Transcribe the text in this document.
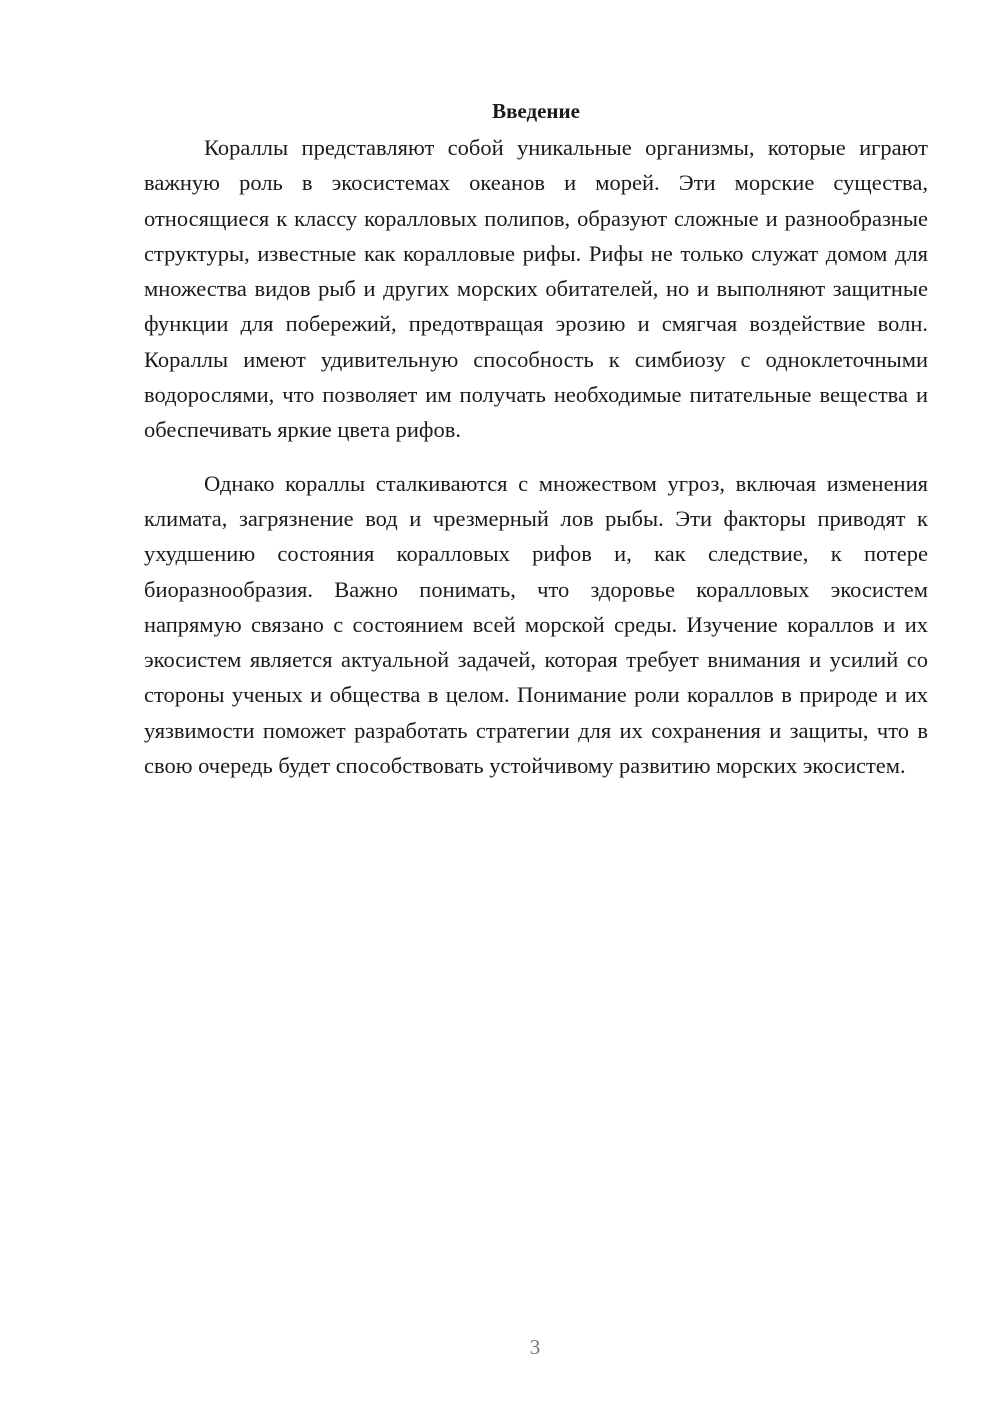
Введение

Кораллы представляют собой уникальные организмы, которые играют важную роль в экосистемах океанов и морей. Эти морские существа, относящиеся к классу коралловых полипов, образуют сложные и разнообразные структуры, известные как коралловые рифы. Рифы не только служат домом для множества видов рыб и других морских обитателей, но и выполняют защитные функции для побережий, предотвращая эрозию и смягчая воздействие волн. Кораллы имеют удивительную способность к симбиозу с одноклеточными водорослями, что позволяет им получать необходимые питательные вещества и обеспечивать яркие цвета рифов.

Однако кораллы сталкиваются с множеством угроз, включая изменения климата, загрязнение вод и чрезмерный лов рыбы. Эти факторы приводят к ухудшению состояния коралловых рифов и, как следствие, к потере биоразнообразия. Важно понимать, что здоровье коралловых экосистем напрямую связано с состоянием всей морской среды. Изучение кораллов и их экосистем является актуальной задачей, которая требует внимания и усилий со стороны ученых и общества в целом. Понимание роли кораллов в природе и их уязвимости поможет разработать стратегии для их сохранения и защиты, что в свою очередь будет способствовать устойчивому развитию морских экосистем.

3
